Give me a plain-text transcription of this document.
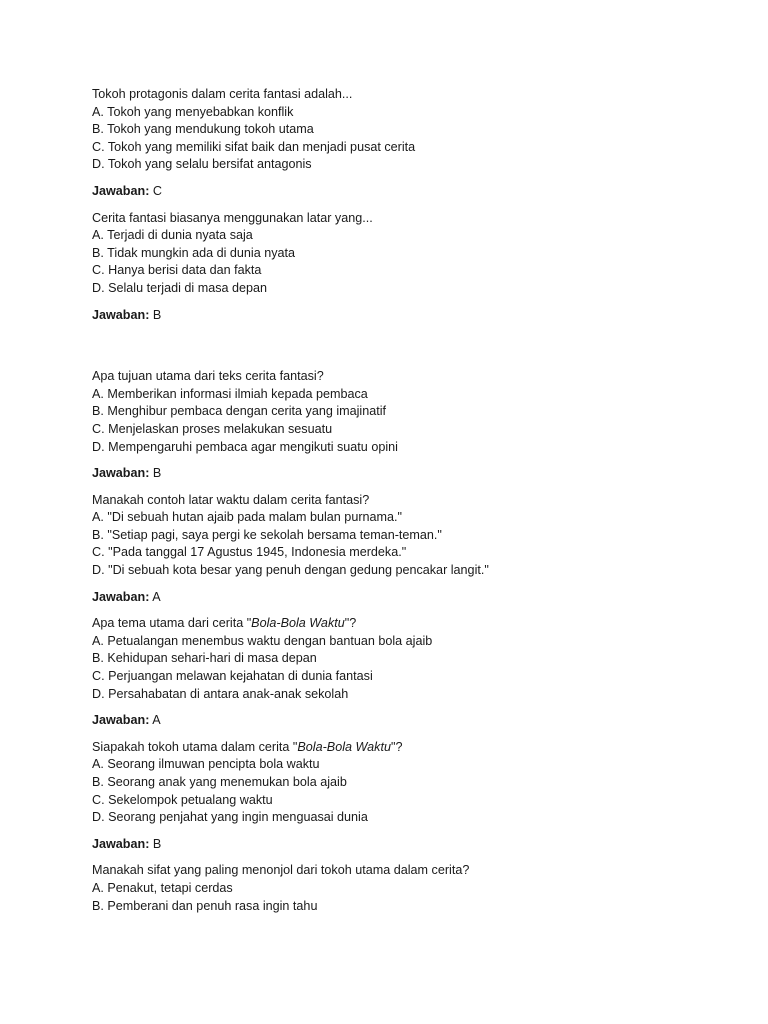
Tokoh protagonis dalam cerita fantasi adalah...
A. Tokoh yang menyebabkan konflik
B. Tokoh yang mendukung tokoh utama
C. Tokoh yang memiliki sifat baik dan menjadi pusat cerita
D. Tokoh yang selalu bersifat antagonis
Jawaban: C
Cerita fantasi biasanya menggunakan latar yang...
A. Terjadi di dunia nyata saja
B. Tidak mungkin ada di dunia nyata
C. Hanya berisi data dan fakta
D. Selalu terjadi di masa depan
Jawaban: B
Apa tujuan utama dari teks cerita fantasi?
A. Memberikan informasi ilmiah kepada pembaca
B. Menghibur pembaca dengan cerita yang imajinatif
C. Menjelaskan proses melakukan sesuatu
D. Mempengaruhi pembaca agar mengikuti suatu opini
Jawaban: B
Manakah contoh latar waktu dalam cerita fantasi?
A. "Di sebuah hutan ajaib pada malam bulan purnama."
B. "Setiap pagi, saya pergi ke sekolah bersama teman-teman."
C. "Pada tanggal 17 Agustus 1945, Indonesia merdeka."
D. "Di sebuah kota besar yang penuh dengan gedung pencakar langit."
Jawaban: A
Apa tema utama dari cerita "Bola-Bola Waktu"?
A. Petualangan menembus waktu dengan bantuan bola ajaib
B. Kehidupan sehari-hari di masa depan
C. Perjuangan melawan kejahatan di dunia fantasi
D. Persahabatan di antara anak-anak sekolah
Jawaban: A
Siapakah tokoh utama dalam cerita "Bola-Bola Waktu"?
A. Seorang ilmuwan pencipta bola waktu
B. Seorang anak yang menemukan bola ajaib
C. Sekelompok petualang waktu
D. Seorang penjahat yang ingin menguasai dunia
Jawaban: B
Manakah sifat yang paling menonjol dari tokoh utama dalam cerita?
A. Penakut, tetapi cerdas
B. Pemberani dan penuh rasa ingin tahu
